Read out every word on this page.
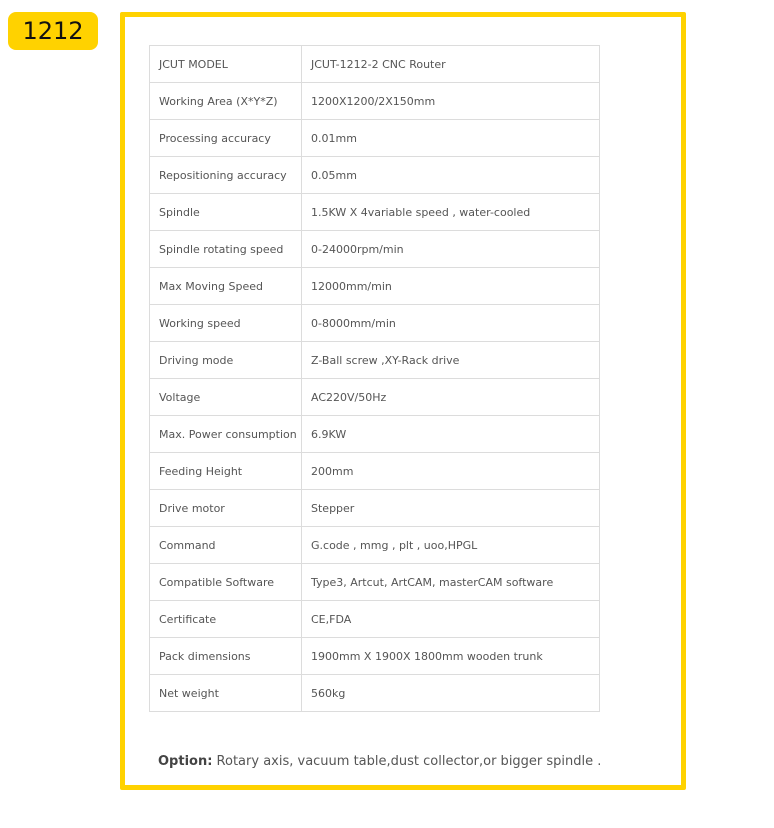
1212
JCUT MODEL	JCUT-1212-2 CNC Router
Working Area (X*Y*Z)	1200X1200/2X150mm
Processing accuracy	0.01mm
Repositioning accuracy	0.05mm
Spindle	1.5KW X 4variable speed , water-cooled
Spindle rotating speed	0-24000rpm/min
Max Moving Speed	12000mm/min
Working speed	0-8000mm/min
Driving mode	Z-Ball screw ,XY-Rack drive
Voltage	AC220V/50Hz
Max. Power consumption	6.9KW
Feeding Height	200mm
Drive motor	Stepper
Command	G.code , mmg , plt , uoo,HPGL
Compatible Software	Type3, Artcut, ArtCAM, masterCAM software
Certificate	CE,FDA
Pack dimensions	1900mm X 1900X 1800mm wooden trunk
Net weight	560kg
Option: Rotary axis, vacuum table,dust collector,or bigger spindle .
